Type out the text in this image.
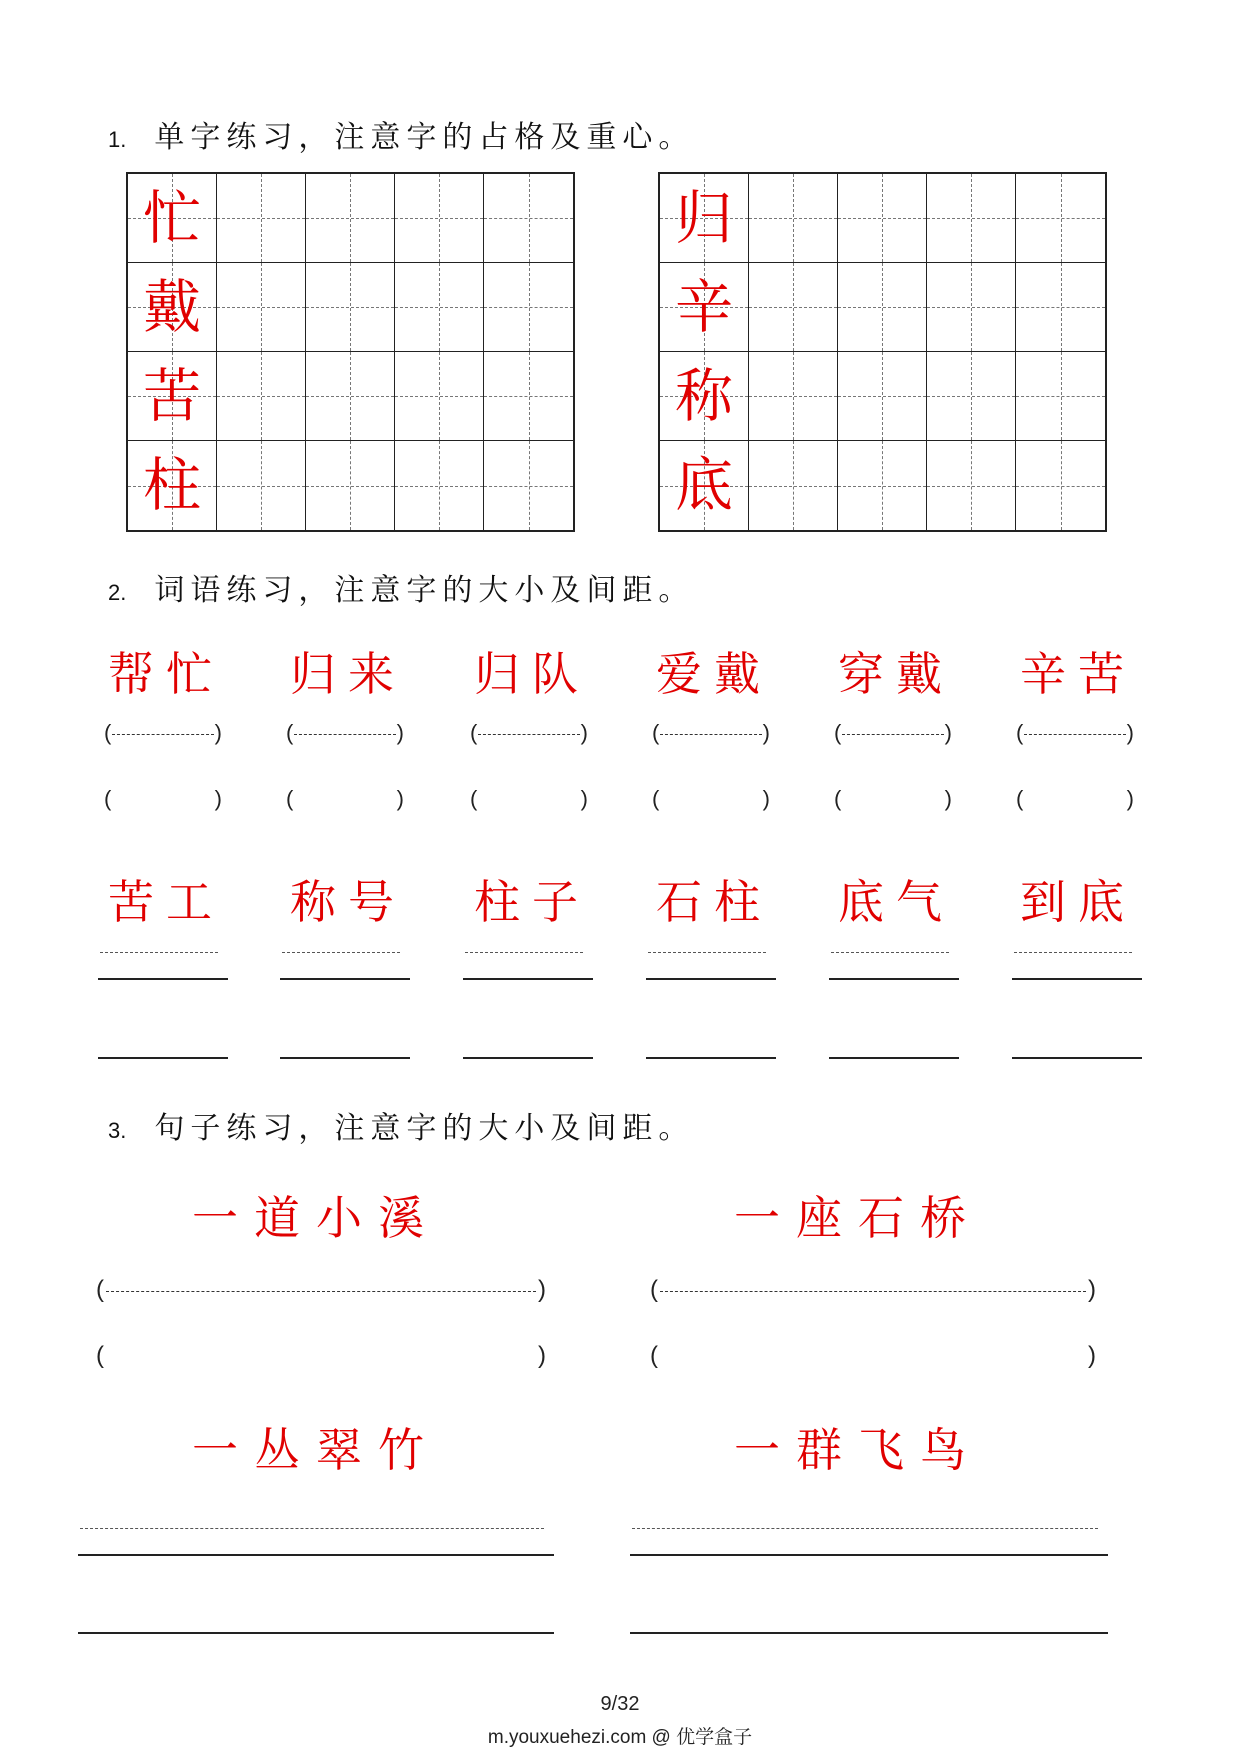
1. 单字练习，注意字的占格及重心。
忙
戴
苦
柱
归
辛
称
底
2. 词语练习，注意字的大小及间距。
帮忙
(	)
(	)
归来
(	)
(	)
归队
(	)
(	)
爱戴
(	)
(	)
穿戴
(	)
(	)
辛苦
(	)
(	)
苦工	称号	柱子	石柱	底气	到底
3. 句子练习，注意字的大小及间距。
一道小溪	一座石桥
(	)	(	)
(	)	(	)
一丛翠竹	一群飞鸟
9/32
m.youxuehezi.com @ 优学盒子
